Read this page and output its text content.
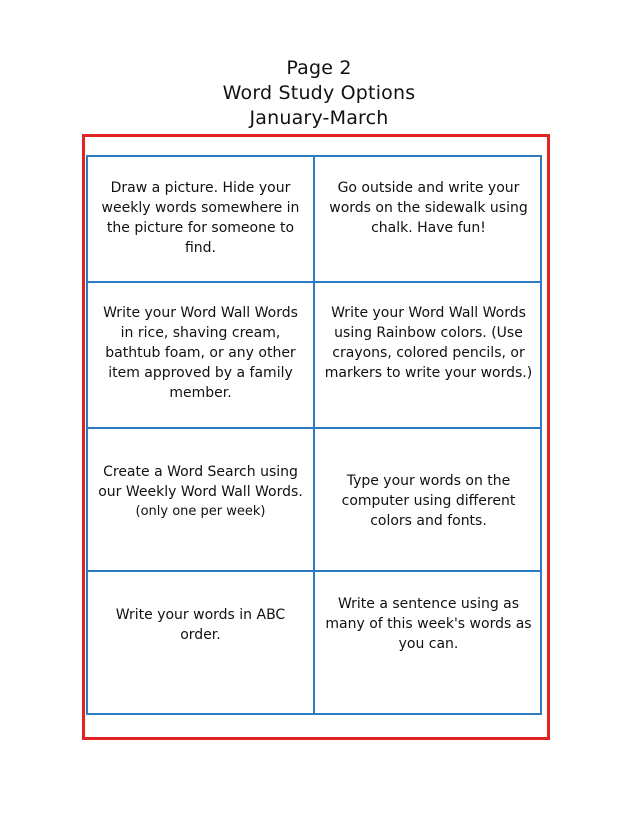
Page 2
Word Study Options
January-March
Draw a picture. Hide your
weekly words somewhere in
the picture for someone to
find.
Go outside and write your
words on the sidewalk using
chalk. Have fun!
Write your Word Wall Words
in rice, shaving cream,
bathtub foam, or any other
item approved by a family
member.
Write your Word Wall Words
using Rainbow colors. (Use
crayons, colored pencils, or
markers to write your words.)
Create a Word Search using
our Weekly Word Wall Words.
(only one per week)
Type your words on the
computer using different
colors and fonts.
Write your words in ABC
order.
Write a sentence using as
many of this week's words as
you can.
